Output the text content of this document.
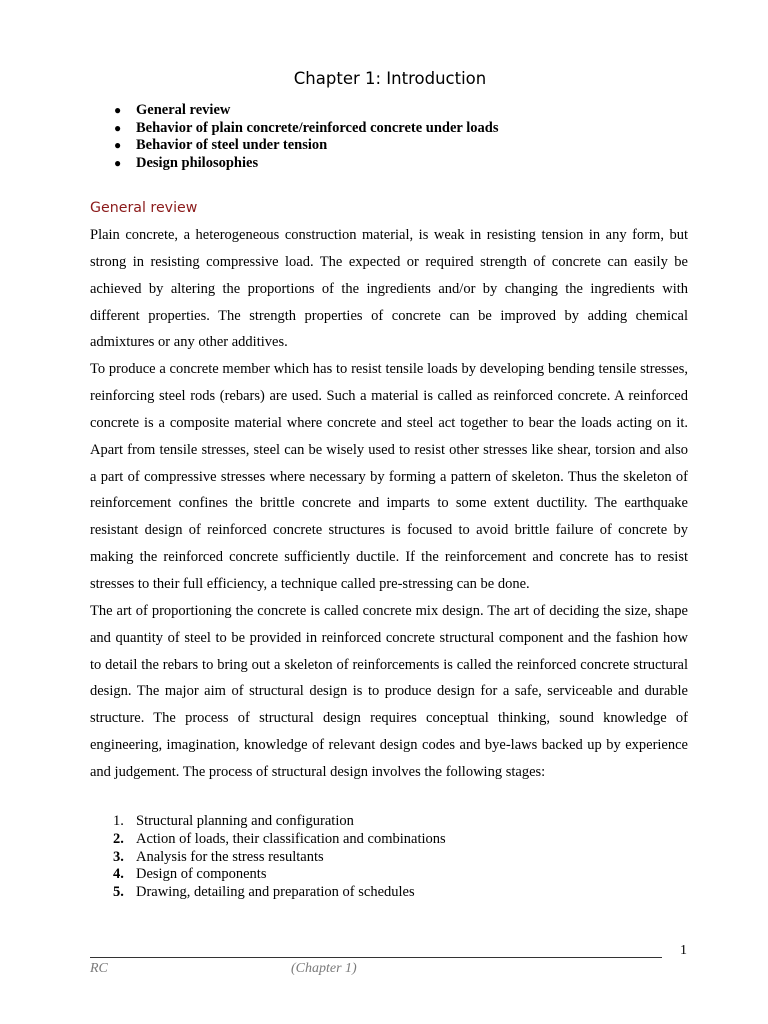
Chapter 1: Introduction
● General review
● Behavior of plain concrete/reinforced concrete under loads
● Behavior of steel under tension
● Design philosophies
General review

Plain concrete, a heterogeneous construction material, is weak in resisting tension in any form, but strong in resisting compressive load. The expected or required strength of concrete can easily be achieved by altering the proportions of the ingredients and/or by changing the ingredients with different properties. The strength properties of concrete can be improved by adding chemical admixtures or any other additives.

To produce a concrete member which has to resist tensile loads by developing bending tensile stresses, reinforcing steel rods (rebars) are used. Such a material is called as reinforced concrete. A reinforced concrete is a composite material where concrete and steel act together to bear the loads acting on it. Apart from tensile stresses, steel can be wisely used to resist other stresses like shear, torsion and also a part of compressive stresses where necessary by forming a pattern of skeleton. Thus the skeleton of reinforcement confines the brittle concrete and imparts to some extent ductility. The earthquake resistant design of reinforced concrete structures is focused to avoid brittle failure of concrete by making the reinforced concrete sufficiently ductile. If the reinforcement and concrete has to resist stresses to their full efficiency, a technique called pre-stressing can be done.

The art of proportioning the concrete is called concrete mix design. The art of deciding the size, shape and quantity of steel to be provided in reinforced concrete structural component and the fashion how to detail the rebars to bring out a skeleton of reinforcements is called the reinforced concrete structural design. The major aim of structural design is to produce design for a safe, serviceable and durable structure. The process of structural design requires conceptual thinking, sound knowledge of engineering, imagination, knowledge of relevant design codes and bye-laws backed up by experience and judgement. The process of structural design involves the following stages:

1. Structural planning and configuration
2. Action of loads, their classification and combinations
3. Analysis for the stress resultants
4. Design of components
5. Drawing, detailing and preparation of schedules
1
RC	(Chapter 1)
